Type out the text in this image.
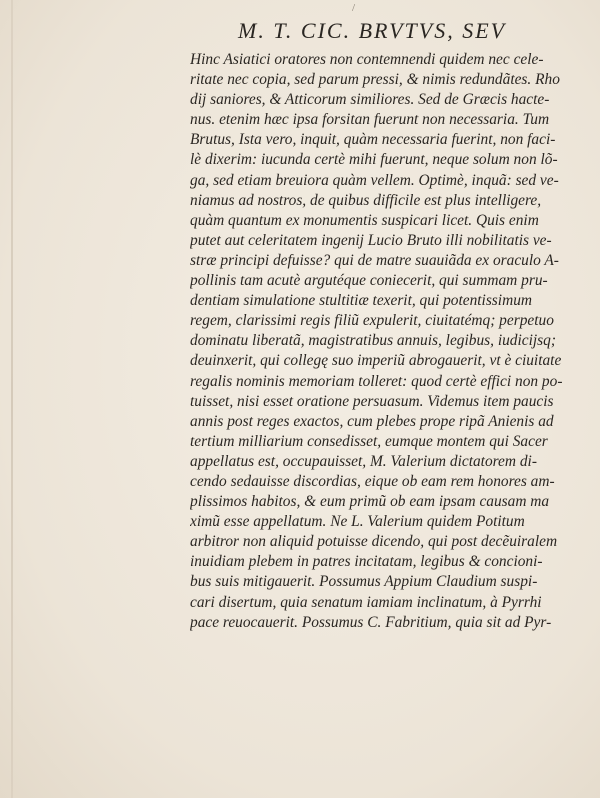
/
M. T. CIC. BRVTVS, SEV
Hinc Asiatici oratores non contemnendi quidem nec cele-
ritate nec copia, sed parum pressi, & nimis redundãtes. Rho
dij saniores, & Atticorum similiores. Sed de Græcis hacte-
nus. etenim hæc ipsa forsitan fuerunt non necessaria. Tum
Brutus, Ista vero, inquit, quàm necessaria fuerint, non faci-
lè dixerim: iucunda certè mihi fuerunt, neque solum non lõ-
ga, sed etiam breuiora quàm vellem. Optimè, inquã: sed ve-
niamus ad nostros, de quibus difficile est plus intelligere,
quàm quantum ex monumentis suspicari licet. Quis enim
putet aut celeritatem ingenij Lucio Bruto illi nobilitatis ve-
stræ principi defuisse? qui de matre suauiãda ex oraculo A-
pollinis tam acutè argutéque coniecerit, qui summam pru-
dentiam simulatione stultitiæ texerit, qui potentissimum
regem, clarissimi regis filiũ expulerit, ciuitatémq; perpetuo
dominatu liberatã, magistratibus annuis, legibus, iudicijsq;
deuinxerit, qui collegę suo imperiũ abrogauerit, vt è ciuitate
regalis nominis memoriam tolleret: quod certè effici non po-
tuisset, nisi esset oratione persuasum. Videmus item paucis
annis post reges exactos, cum plebes prope ripã Anienis ad
tertium milliarium consedisset, eumque montem qui Sacer
appellatus est, occupauisset, M. Valerium dictatorem di-
cendo sedauisse discordias, eique ob eam rem honores am-
plissimos habitos, & eum primũ ob eam ipsam causam ma
ximũ esse appellatum. Ne L. Valerium quidem Potitum
arbitror non aliquid potuisse dicendo, qui post decẽuiralem
inuidiam plebem in patres incitatam, legibus & concioni-
bus suis mitigauerit. Possumus Appium Claudium suspi-
cari disertum, quia senatum iamiam inclinatum, à Pyrrhi
pace reuocauerit. Possumus C. Fabritium, quia sit ad Pyr-
